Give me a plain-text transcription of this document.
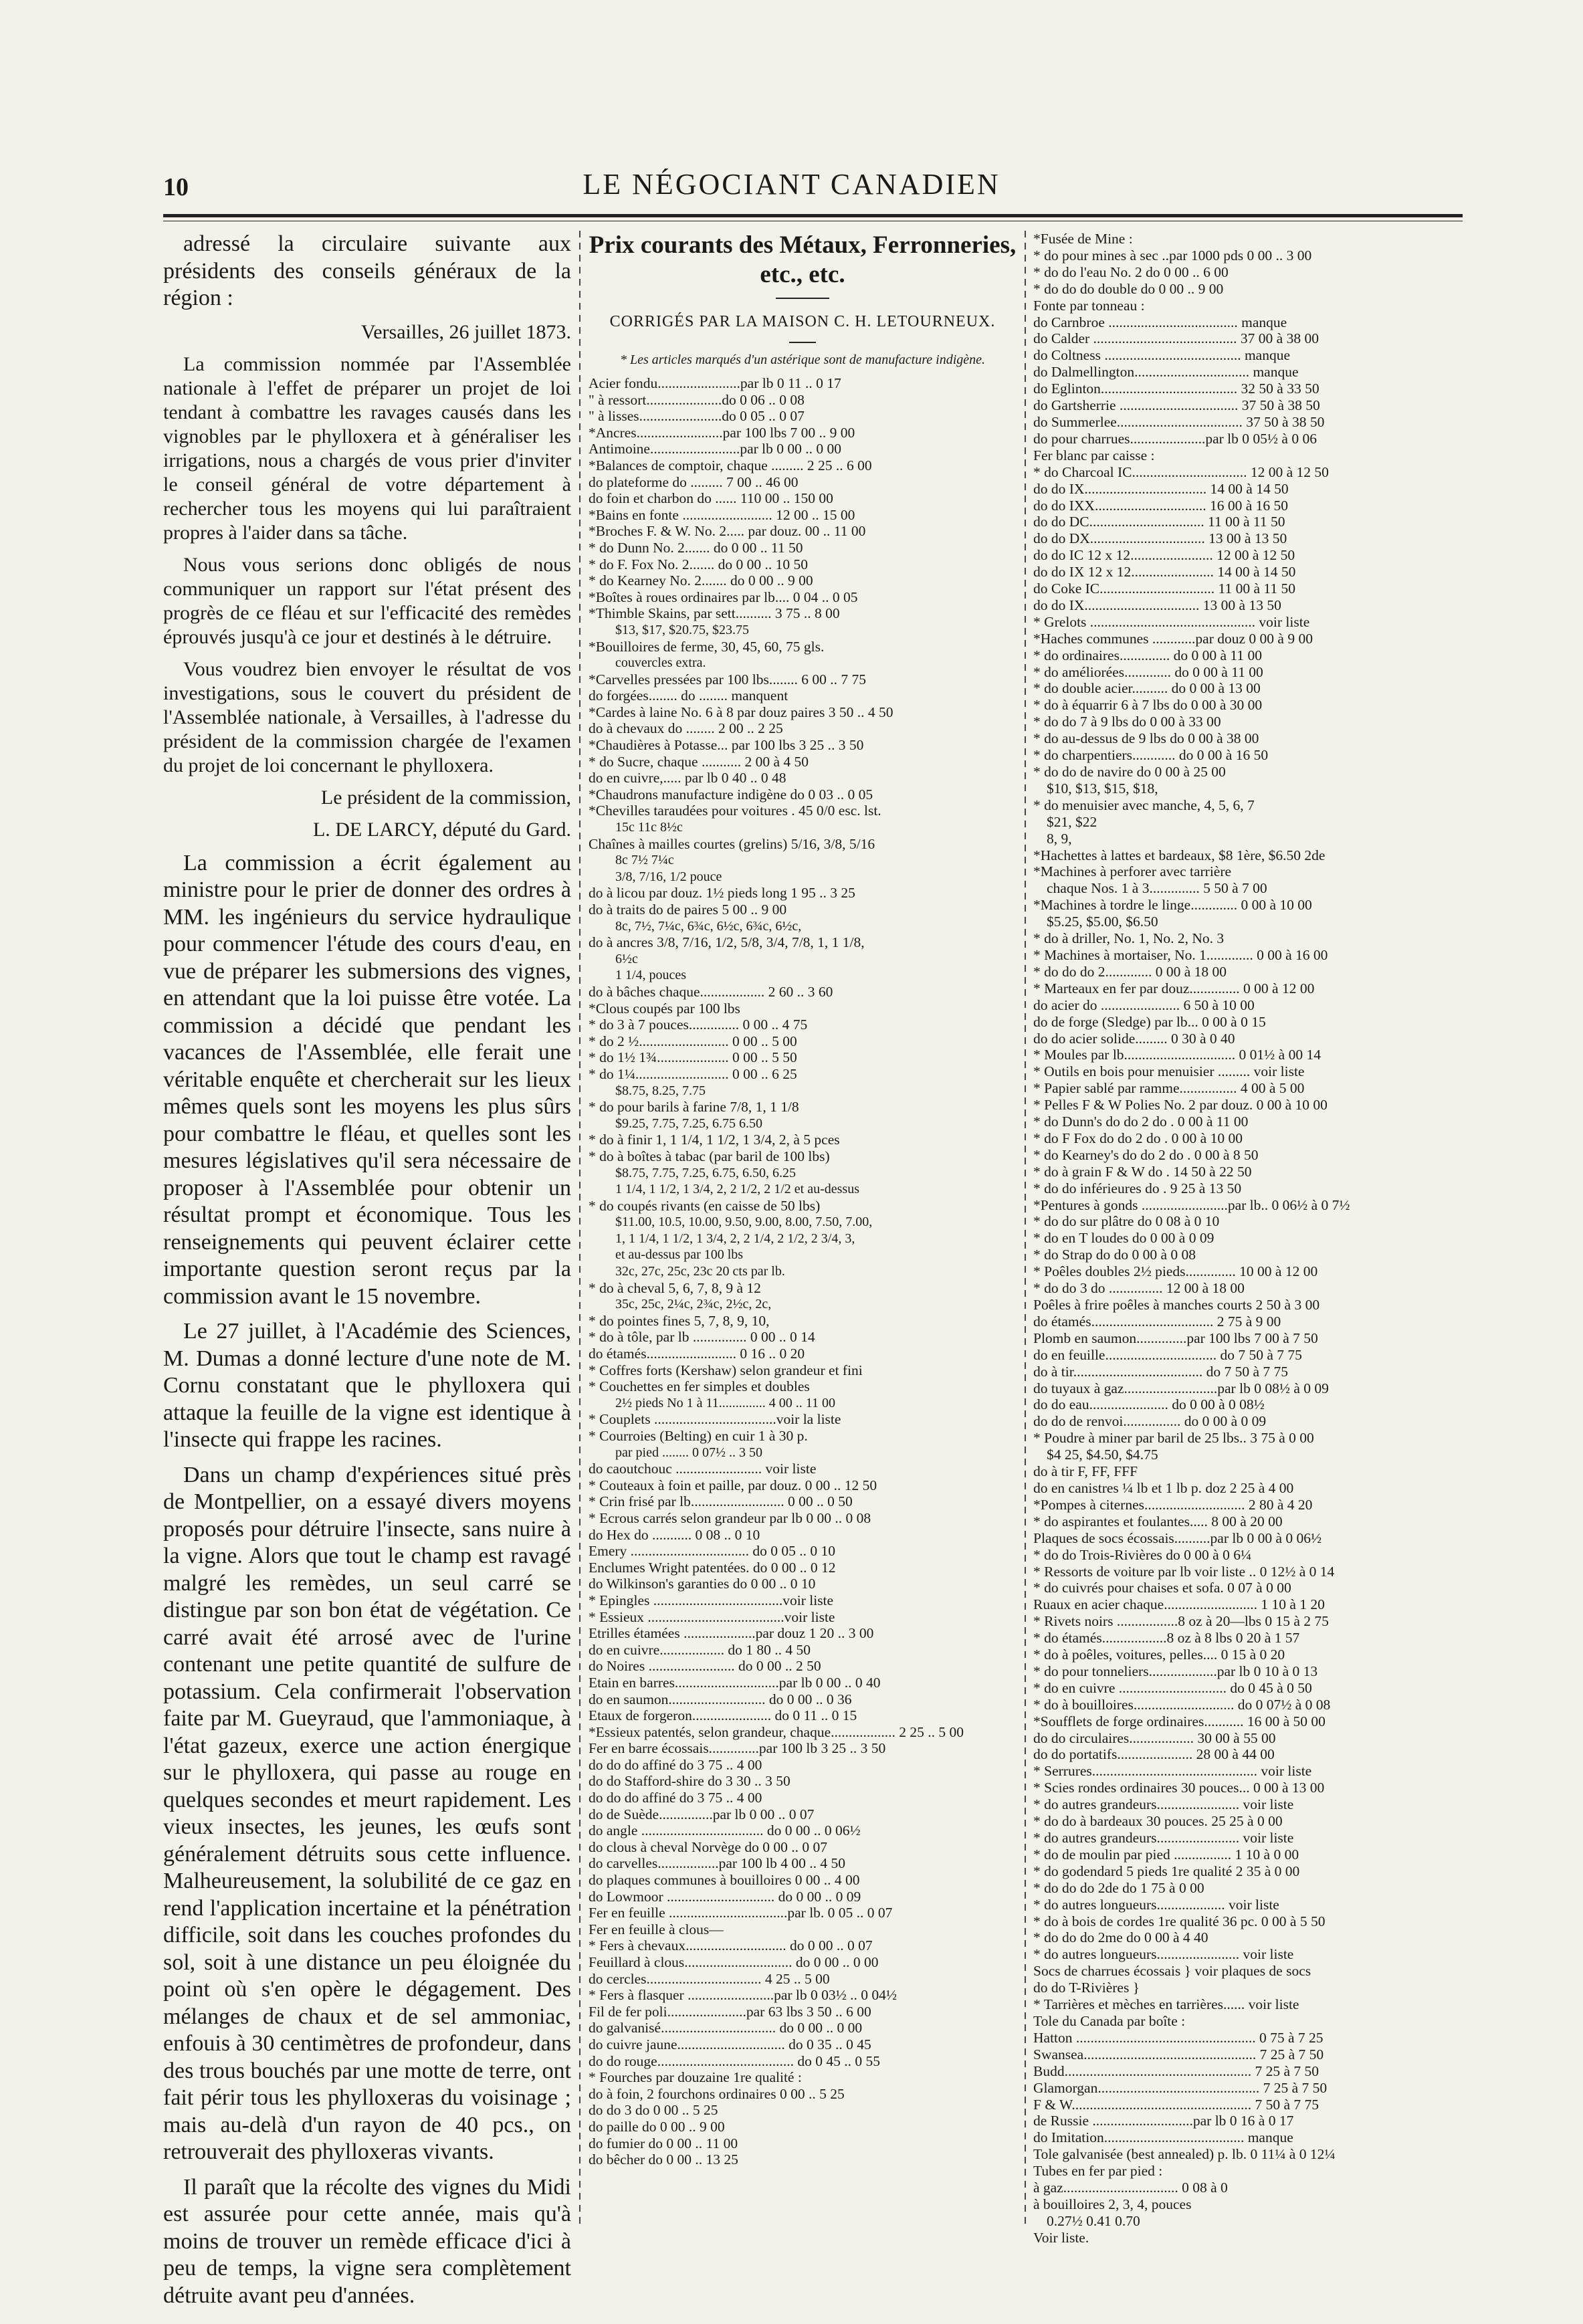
10	LE NÉGOCIANT CANADIEN

adressé la circulaire suivante aux présidents des conseils généraux de la région :

Versailles, 26 juillet 1873.

La commission nommée par l'Assemblée nationale à l'effet de préparer un projet de loi tendant à combattre les ravages causés dans les vignobles par le phylloxera et à généraliser les irrigations, nous a chargés de vous prier d'inviter le conseil général de votre département à rechercher tous les moyens qui lui paraîtraient propres à l'aider dans sa tâche.

Nous vous serions donc obligés de nous communiquer un rapport sur l'état présent des progrès de ce fléau et sur l'efficacité des remèdes éprouvés jusqu'à ce jour et destinés à le détruire.

Vous voudrez bien envoyer le résultat de vos investigations, sous le couvert du président de l'Assemblée nationale, à Versailles, à l'adresse du président de la commission chargée de l'examen du projet de loi concernant le phylloxera.

Le président de la commission,

L. DE LARCY, député du Gard.

La commission a écrit également au ministre pour le prier de donner des ordres à MM. les ingénieurs du service hydraulique pour commencer l'étude des cours d'eau, en vue de préparer les submersions des vignes, en attendant que la loi puisse être votée. La commission a décidé que pendant les vacances de l'Assemblée, elle ferait une véritable enquête et chercherait sur les lieux mêmes quels sont les moyens les plus sûrs pour combattre le fléau, et quelles sont les mesures législatives qu'il sera nécessaire de proposer à l'Assemblée pour obtenir un résultat prompt et économique. Tous les renseignements qui peuvent éclairer cette importante question seront reçus par la commission avant le 15 novembre.

Le 27 juillet, à l'Académie des Sciences, M. Dumas a donné lecture d'une note de M. Cornu constatant que le phylloxera qui attaque la feuille de la vigne est identique à l'insecte qui frappe les racines.

Dans un champ d'expériences situé près de Montpellier, on a essayé divers moyens proposés pour détruire l'insecte, sans nuire à la vigne. Alors que tout le champ est ravagé malgré les remèdes, un seul carré se distingue par son bon état de végétation. Ce carré avait été arrosé avec de l'urine contenant une petite quantité de sulfure de potassium. Cela confirmerait l'observation faite par M. Gueyraud, que l'ammoniaque, à l'état gazeux, exerce une action énergique sur le phylloxera, qui passe au rouge en quelques secondes et meurt rapidement. Les vieux insectes, les jeunes, les œufs sont généralement détruits sous cette influence. Malheureusement, la solubilité de ce gaz en rend l'application incertaine et la pénétration difficile, soit dans les couches profondes du sol, soit à une distance un peu éloignée du point où s'en opère le dégagement. Des mélanges de chaux et de sel ammoniac, enfouis à 30 centimètres de profondeur, dans des trous bouchés par une motte de terre, ont fait périr tous les phylloxeras du voisinage ; mais au-delà d'un rayon de 40 pcs., on retrouverait des phylloxeras vivants.

Il paraît que la récolte des vignes du Midi est assurée pour cette année, mais qu'à moins de trouver un remède efficace d'ici à peu de temps, la vigne sera complètement détruite avant peu d'années.

Prix courants des Métaux, Ferronneries, etc., etc.
CORRIGÉS PAR LA MAISON C. H. LETOURNEUX.
* Les articles marqués d'un astérique sont de manufacture indigène.
Acier fondu.......................par lb 0 11 .. 0 17
" à ressort.....................do 0 06 .. 0 08
" à lisses.......................do 0 05 .. 0 07
*Ancres........................par 100 lbs 7 00 .. 9 00
Antimoine.........................par lb 0 00 .. 0 00
*Balances de comptoir, chaque ......... 2 25 .. 6 00
do plateforme do ......... 7 00 .. 46 00
do foin et charbon do ...... 110 00 .. 150 00
*Bains en fonte ......................... 12 00 .. 15 00
*Broches F. & W. No. 2..... par douz. 00 .. 11 00
* do Dunn No. 2....... do 0 00 .. 11 50
* do F. Fox No. 2....... do 0 00 .. 10 50
* do Kearney No. 2....... do 0 00 .. 9 00
*Boîtes à roues ordinaires par lb.... 0 04 .. 0 05
*Thimble Skains, par sett.......... 3 75 .. 8 00
$13, $17, $20.75, $23.75
*Bouilloires de ferme, 30, 45, 60, 75 gls.
couvercles extra.
*Carvelles pressées par 100 lbs........ 6 00 .. 7 75
do forgées........ do ........ manquent
*Cardes à laine No. 6 à 8 par douz paires 3 50 .. 4 50
do à chevaux do ........ 2 00 .. 2 25
*Chaudières à Potasse... par 100 lbs 3 25 .. 3 50
* do Sucre, chaque ........... 2 00 à 4 50
do en cuivre,..... par lb 0 40 .. 0 48
*Chaudrons manufacture indigène do 0 03 .. 0 05
*Chevilles taraudées pour voitures . 45 0/0 esc. lst.
15c 11c 8½c
Chaînes à mailles courtes (grelins) 5/16, 3/8, 5/16
8c 7½ 7¼c
3/8, 7/16, 1/2 pouce
do à licou par douz. 1½ pieds long 1 95 .. 3 25
do à traits do de paires 5 00 .. 9 00
8c, 7½, 7¼c, 6¾c, 6½c, 6¾c, 6½c,
do à ancres 3/8, 7/16, 1/2, 5/8, 3/4, 7/8, 1, 1 1/8,
6½c
1 1/4, pouces
do à bâches chaque.................. 2 60 .. 3 60
*Clous coupés par 100 lbs
* do 3 à 7 pouces.............. 0 00 .. 4 75
* do 2 ½......................... 0 00 .. 5 00
* do 1½ 1¾.................... 0 00 .. 5 50
* do 1¼.......................... 0 00 .. 6 25
$8.75, 8.25, 7.75
* do pour barils à farine 7/8, 1, 1 1/8
$9.25, 7.75, 7.25, 6.75 6.50
* do à finir 1, 1 1/4, 1 1/2, 1 3/4, 2, à 5 pces
* do à boîtes à tabac (par baril de 100 lbs)
$8.75, 7.75, 7.25, 6.75, 6.50, 6.25
1 1/4, 1 1/2, 1 3/4, 2, 2 1/2, 2 1/2 et au-dessus
* do coupés rivants (en caisse de 50 lbs)
$11.00, 10.5, 10.00, 9.50, 9.00, 8.00, 7.50, 7.00,
1, 1 1/4, 1 1/2, 1 3/4, 2, 2 1/4, 2 1/2, 2 3/4, 3,
et au-dessus par 100 lbs
32c, 27c, 25c, 23c 20 cts par lb.
* do à cheval 5, 6, 7, 8, 9 à 12
35c, 25c, 2¼c, 2¾c, 2½c, 2c,
* do pointes fines 5, 7, 8, 9, 10,
* do à tôle, par lb ............... 0 00 .. 0 14
do étamés......................... 0 16 .. 0 20
* Coffres forts (Kershaw) selon grandeur et fini
* Couchettes en fer simples et doubles
2½ pieds No 1 à 11.............. 4 00 .. 11 00
* Couplets ..................................voir la liste
* Courroies (Belting) en cuir 1 à 30 p.
par pied ........ 0 07½ .. 3 50
do caoutchouc ........................ voir liste
* Couteaux à foin et paille, par douz. 0 00 .. 12 50
* Crin frisé par lb.......................... 0 00 .. 0 50
* Ecrous carrés selon grandeur par lb 0 00 .. 0 08
do Hex do ........... 0 08 .. 0 10
Emery ................................. do 0 05 .. 0 10
Enclumes Wright patentées. do 0 00 .. 0 12
do Wilkinson's garanties do 0 00 .. 0 10
* Epingles ....................................voir liste
* Essieux ......................................voir liste
Etrilles étamées ....................par douz 1 20 .. 3 00
do en cuivre.................. do 1 80 .. 4 50
do Noires ........................ do 0 00 .. 2 50
Etain en barres.............................par lb 0 00 .. 0 40
do en saumon........................... do 0 00 .. 0 36
Etaux de forgeron...................... do 0 11 .. 0 15
*Essieux patentés, selon grandeur, chaque.................. 2 25 .. 5 00
Fer en barre écossais..............par 100 lb 3 25 .. 3 50
do do do affiné do 3 75 .. 4 00
do do Stafford-shire do 3 30 .. 3 50
do do do affiné do 3 75 .. 4 00
do de Suède...............par lb 0 00 .. 0 07
do angle .................................. do 0 00 .. 0 06½
do clous à cheval Norvège do 0 00 .. 0 07
do carvelles.................par 100 lb 4 00 .. 4 50
do plaques communes à bouilloires 0 00 .. 4 00
do Lowmoor .............................. do 0 00 .. 0 09
Fer en feuille .................................par lb. 0 05 .. 0 07
Fer en feuille à clous—
* Fers à chevaux............................ do 0 00 .. 0 07
Feuillard à clous.............................. do 0 00 .. 0 00
do cercles................................ 4 25 .. 5 00
* Fers à flasquer ........................par lb 0 03½ .. 0 04½
Fil de fer poli......................par 63 lbs 3 50 .. 6 00
do galvanisé................................ do 0 00 .. 0 00
do cuivre jaune.............................. do 0 35 .. 0 45
do do rouge...................................... do 0 45 .. 0 55
* Fourches par douzaine 1re qualité :
do à foin, 2 fourchons ordinaires 0 00 .. 5 25
do do 3 do 0 00 .. 5 25
do paille do 0 00 .. 9 00
do fumier do 0 00 .. 11 00
do bêcher do 0 00 .. 13 25
*Fusée de Mine :
* do pour mines à sec ..par 1000 pds 0 00 .. 3 00
* do do l'eau No. 2 do 0 00 .. 6 00
* do do do double do 0 00 .. 9 00
Fonte par tonneau :
do Carnbroe .................................... manque
do Calder ........................................ 37 00 à 38 00
do Coltness ...................................... manque
do Dalmellington................................ manque
do Eglinton...................................... 32 50 à 33 50
do Gartsherrie ................................. 37 50 à 38 50
do Summerlee................................... 37 50 à 38 50
do pour charrues.....................par lb 0 05½ à 0 06
Fer blanc par caisse :
* do Charcoal IC................................ 12 00 à 12 50
do do IX.................................. 14 00 à 14 50
do do IXX............................... 16 00 à 16 50
do do DC................................ 11 00 à 11 50
do do DX................................ 13 00 à 13 50
do do IC 12 x 12....................... 12 00 à 12 50
do do IX 12 x 12....................... 14 00 à 14 50
do Coke IC................................ 11 00 à 11 50
do do IX................................ 13 00 à 13 50
* Grelots .............................................. voir liste
*Haches communes ............par douz 0 00 à 9 00
* do ordinaires.............. do 0 00 à 11 00
* do améliorées............. do 0 00 à 11 00
* do double acier.......... do 0 00 à 13 00
* do à équarrir 6 à 7 lbs do 0 00 à 30 00
* do do 7 à 9 lbs do 0 00 à 33 00
* do au-dessus de 9 lbs do 0 00 à 38 00
* do charpentiers............ do 0 00 à 16 50
* do do de navire do 0 00 à 25 00
$10, $13, $15, $18,
* do menuisier avec manche, 4, 5, 6, 7
$21, $22
8, 9,
*Hachettes à lattes et bardeaux, $8 1ère, $6.50 2de
*Machines à perforer avec tarrière
chaque Nos. 1 à 3.............. 5 50 à 7 00
*Machines à tordre le linge............. 0 00 à 10 00
$5.25, $5.00, $6.50
* do à driller, No. 1, No. 2, No. 3
* Machines à mortaiser, No. 1............. 0 00 à 16 00
* do do do 2............. 0 00 à 18 00
* Marteaux en fer par douz.............. 0 00 à 12 00
do acier do ...................... 6 50 à 10 00
do de forge (Sledge) par lb... 0 00 à 0 15
do do acier solide......... 0 30 à 0 40
* Moules par lb............................... 0 01½ à 00 14
* Outils en bois pour menuisier ......... voir liste
* Papier sablé par ramme................ 4 00 à 5 00
* Pelles F & W Polies No. 2 par douz. 0 00 à 10 00
* do Dunn's do do 2 do . 0 00 à 11 00
* do F Fox do do 2 do . 0 00 à 10 00
* do Kearney's do do 2 do . 0 00 à 8 50
* do à grain F & W do . 14 50 à 22 50
* do do inférieures do . 9 25 à 13 50
*Pentures à gonds ........................par lb.. 0 06½ à 0 7½
* do do sur plâtre do 0 08 à 0 10
* do en T loudes do 0 00 à 0 09
* do Strap do do 0 00 à 0 08
* Poêles doubles 2½ pieds.............. 10 00 à 12 00
* do do 3 do ............... 12 00 à 18 00
Poêles à frire poêles à manches courts 2 50 à 3 00
do étamés.................................. 2 75 à 9 00
Plomb en saumon..............par 100 lbs 7 00 à 7 50
do en feuille............................... do 7 50 à 7 75
do à tir.................................... do 7 50 à 7 75
do tuyaux à gaz..........................par lb 0 08½ à 0 09
do do eau...................... do 0 00 à 0 08½
do do de renvoi................ do 0 00 à 0 09
* Poudre à miner par baril de 25 lbs.. 3 75 à 0 00
$4 25, $4.50, $4.75
do à tir F, FF, FFF
do en canistres ¼ lb et 1 lb p. doz 2 25 à 4 00
*Pompes à citernes............................ 2 80 à 4 20
* do aspirantes et foulantes..... 8 00 à 20 00
Plaques de socs écossais..........par lb 0 00 à 0 06½
* do do Trois-Rivières do 0 00 à 0 6¼
* Ressorts de voiture par lb voir liste .. 0 12½ à 0 14
* do cuivrés pour chaises et sofa. 0 07 à 0 00
Ruaux en acier chaque.......................... 1 10 à 1 20
* Rivets noirs .................8 oz à 20—lbs 0 15 à 2 75
* do étamés..................8 oz à 8 lbs 0 20 à 1 57
* do à poêles, voitures, pelles.... 0 15 à 0 20
* do pour tonneliers...................par lb 0 10 à 0 13
* do en cuivre .............................. do 0 45 à 0 50
* do à bouilloires............................ do 0 07½ à 0 08
*Soufflets de forge ordinaires........... 16 00 à 50 00
do do circulaires.................. 30 00 à 55 00
do do portatifs..................... 28 00 à 44 00
* Serrures.............................................. voir liste
* Scies rondes ordinaires 30 pouces... 0 00 à 13 00
* do autres grandeurs....................... voir liste
* do do à bardeaux 30 pouces. 25 25 à 0 00
* do autres grandeurs....................... voir liste
* do de moulin par pied ................ 1 10 à 0 00
* do godendard 5 pieds 1re qualité 2 35 à 0 00
* do do do 2de do 1 75 à 0 00
* do autres longueurs................... voir liste
* do à bois de cordes 1re qualité 36 pc. 0 00 à 5 50
* do do do 2me do 0 00 à 4 40
* do autres longueurs....................... voir liste
Socs de charrues écossais } voir plaques de socs
do do T-Rivières }
* Tarrières et mèches en tarrières...... voir liste
Tole du Canada par boîte :
Hatton .................................................. 0 75 à 7 25
Swansea................................................ 7 25 à 7 50
Budd.................................................... 7 25 à 7 50
Glamorgan............................................. 7 25 à 7 50
F & W.................................................. 7 50 à 7 75
de Russie ............................par lb 0 16 à 0 17
do Imitation....................................... manque
Tole galvanisée (best annealed) p. lb. 0 11¼ à 0 12¼
Tubes en fer par pied :
à gaz................................ 0 08 à 0
à bouilloires 2, 3, 4, pouces
0.27½ 0.41 0.70
Voir liste.
